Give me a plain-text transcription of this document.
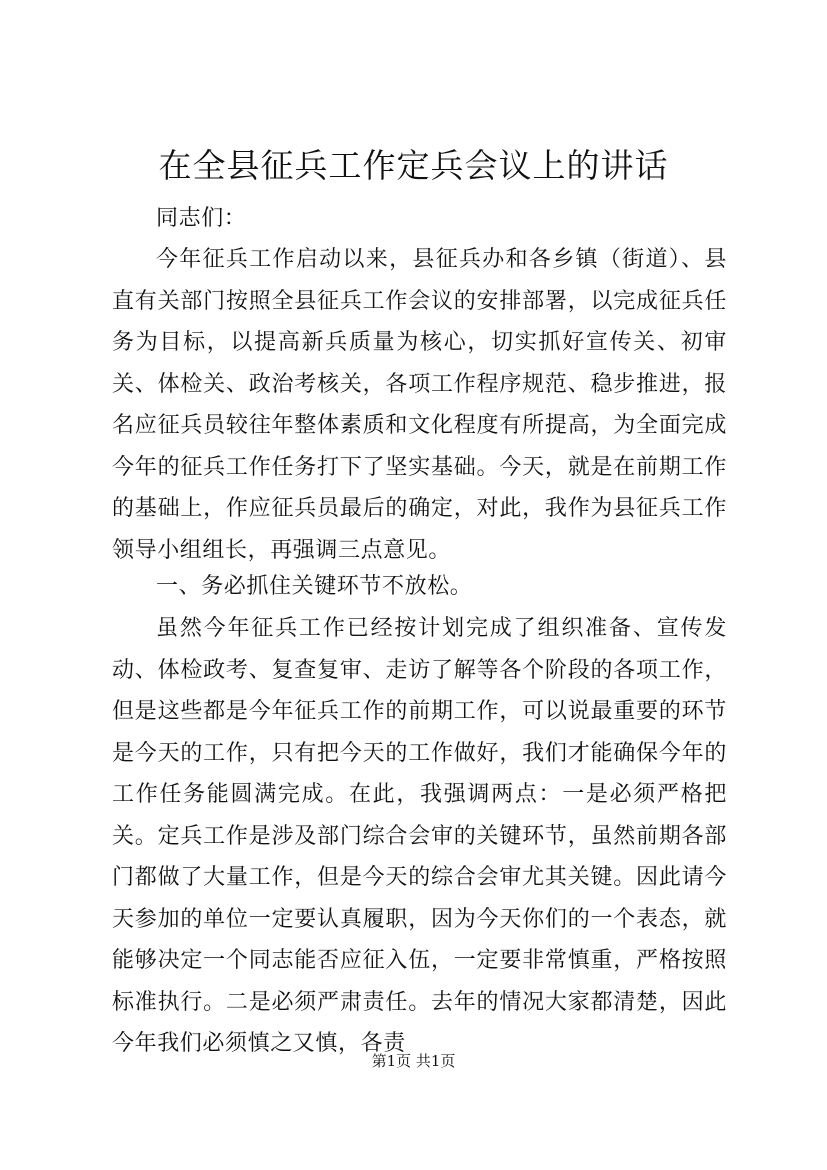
在全县征兵工作定兵会议上的讲话

同志们：

今年征兵工作启动以来，县征兵办和各乡镇（街道）、县直有关部门按照全县征兵工作会议的安排部署，以完成征兵任务为目标，以提高新兵质量为核心，切实抓好宣传关、初审关、体检关、政治考核关，各项工作程序规范、稳步推进，报名应征兵员较往年整体素质和文化程度有所提高，为全面完成今年的征兵工作任务打下了坚实基础。今天，就是在前期工作的基础上，作应征兵员最后的确定，对此，我作为县征兵工作领导小组组长，再强调三点意见。

一、务必抓住关键环节不放松。

虽然今年征兵工作已经按计划完成了组织准备、宣传发动、体检政考、复查复审、走访了解等各个阶段的各项工作，但是这些都是今年征兵工作的前期工作，可以说最重要的环节是今天的工作，只有把今天的工作做好，我们才能确保今年的工作任务能圆满完成。在此，我强调两点：一是必须严格把关。定兵工作是涉及部门综合会审的关键环节，虽然前期各部门都做了大量工作，但是今天的综合会审尤其关键。因此请今天参加的单位一定要认真履职，因为今天你们的一个表态，就能够决定一个同志能否应征入伍，一定要非常慎重，严格按照标准执行。二是必须严肃责任。去年的情况大家都清楚，因此今年我们必须慎之又慎，各责

第1页 共1页
